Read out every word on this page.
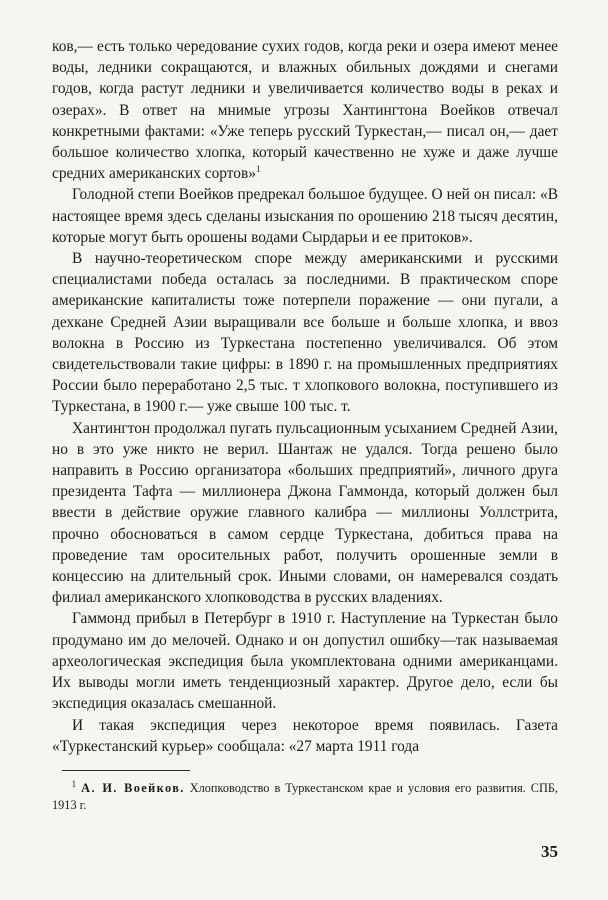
ков,— есть только чередование сухих годов, когда реки и озера имеют менее воды, ледники сокращаются, и влажных обильных дождями и снегами годов, когда растут ледники и увеличивается количество воды в реках и озерах». В ответ на мнимые угрозы Хантингтона Воейков отвечал конкретными фактами: «Уже теперь русский Туркестан,— писал он,— дает большое количество хлопка, который качественно не хуже и даже лучше средних американских сортов»$^1$

Голодной степи Воейков предрекал большое будущее. О ней он писал: «В настоящее время здесь сделаны изыскания по орошению 218 тысяч десятин, которые могут быть орошены водами Сырдарьи и ее притоков».

В научно-теоретическом споре между американскими и русскими специалистами победа осталась за последними. В практическом споре американские капиталисты тоже потерпели поражение — они пугали, а дехкане Средней Азии выращивали все больше и больше хлопка, и ввоз волокна в Россию из Туркестана постепенно увеличивался. Об этом свидетельствовали такие цифры: в 1890 г. на промышленных предприятиях России было переработано 2,5 тыс. т хлопкового волокна, поступившего из Туркестана, в 1900 г.— уже свыше 100 тыс. т.

Хантингтон продолжал пугать пульсационным усыханием Средней Азии, но в это уже никто не верил. Шантаж не удался. Тогда решено было направить в Россию организатора «больших предприятий», личного друга президента Тафта — миллионера Джона Гаммонда, который должен был ввести в действие оружие главного калибра — миллионы Уоллстрита, прочно обосноваться в самом сердце Туркестана, добиться права на проведение там оросительных работ, получить орошенные земли в концессию на длительный срок. Иными словами, он намеревался создать филиал американского хлопководства в русских владениях.

Гаммонд прибыл в Петербург в 1910 г. Наступление на Туркестан было продумано им до мелочей. Однако и он допустил ошибку—так называемая археологическая экспедиция была укомплектована одними американцами. Их выводы могли иметь тенденциозный характер. Другое дело, если бы экспедиция оказалась смешанной.

И такая экспедиция через некоторое время появилась. Газета «Туркестанский курьер» сообщала: «27 марта 1911 года

$^1$ А. И. Воейков. Хлопководство в Туркестанском крае и условия его развития. СПБ, 1913 г.
35
